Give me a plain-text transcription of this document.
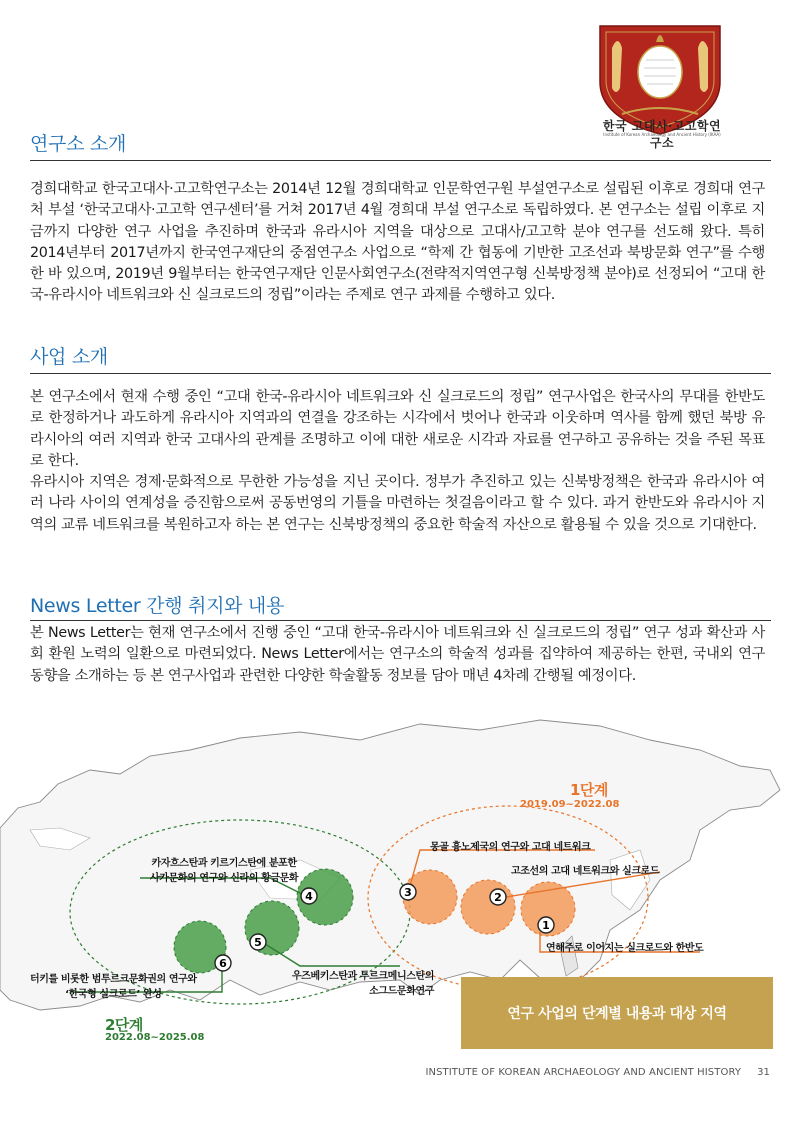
한국 고대사·고고학연구소
Institute of Korean Archaeology and Ancient History (IKAA)
연구소 소개

경희대학교 한국고대사·고고학연구소는 2014년 12월 경희대학교 인문학연구원 부설연구소로 설립된 이후로 경희대 연구처 부설 ‘한국고대사·고고학 연구센터’를 거쳐 2017년 4월 경희대 부설 연구소로 독립하였다. 본 연구소는 설립 이후로 지금까지 다양한 연구 사업을 추진하며 한국과 유라시아 지역을 대상으로 고대사/고고학 분야 연구를 선도해 왔다. 특히 2014년부터 2017년까지 한국연구재단의 중점연구소 사업으로 “학제 간 협동에 기반한 고조선과 북방문화 연구”를 수행한 바 있으며, 2019년 9월부터는 한국연구재단 인문사회연구소(전략적지역연구형 신북방정책 분야)로 선정되어 “고대 한국-유라시아 네트워크와 신 실크로드의 정립”이라는 주제로 연구 과제를 수행하고 있다.

사업 소개

본 연구소에서 현재 수행 중인 “고대 한국-유라시아 네트워크와 신 실크로드의 정립” 연구사업은 한국사의 무대를 한반도로 한정하거나 과도하게 유라시아 지역과의 연결을 강조하는 시각에서 벗어나 한국과 이웃하며 역사를 함께 했던 북방 유라시아의 여러 지역과 한국 고대사의 관계를 조명하고 이에 대한 새로운 시각과 자료를 연구하고 공유하는 것을 주된 목표로 한다.

유라시아 지역은 경제·문화적으로 무한한 가능성을 지닌 곳이다. 정부가 추진하고 있는 신북방정책은 한국과 유라시아 여러 나라 사이의 연계성을 증진함으로써 공동번영의 기틀을 마련하는 첫걸음이라고 할 수 있다. 과거 한반도와 유라시아 지역의 교류 네트워크를 복원하고자 하는 본 연구는 신북방정책의 중요한 학술적 자산으로 활용될 수 있을 것으로 기대한다.

News Letter 간행 취지와 내용

본 News Letter는 현재 연구소에서 진행 중인 “고대 한국-유라시아 네트워크와 신 실크로드의 정립” 연구 성과 확산과 사회 환원 노력의 일환으로 마련되었다. News Letter에서는 연구소의 학술적 성과를 집약하여 제공하는 한편, 국내외 연구 동향을 소개하는 등 본 연구사업과 관련한 다양한 학술활동 정보를 담아 매년 4차례 간행될 예정이다.

1
2
3
4
5
6
1단계
2019.09~2022.08
2단계
2022.08~2025.08
연해주로 이어지는 실크로드와 한반도
고조선의 고대 네트워크와 실크로드
몽골 흉노제국의 연구와 고대 네트워크
카자흐스탄과 키르기스탄에 분포한
사카문화의 연구와 신라의 황금문화
우즈베키스탄과 투르크메니스탄의
소그드문화연구
터키를 비롯한 범투르크문화권의 연구와
‘한국형 실크로드’ 완성
연구 사업의 단계별 내용과 대상 지역
INSTITUTE OF KOREAN ARCHAEOLOGY AND ANCIENT HISTORY 31
